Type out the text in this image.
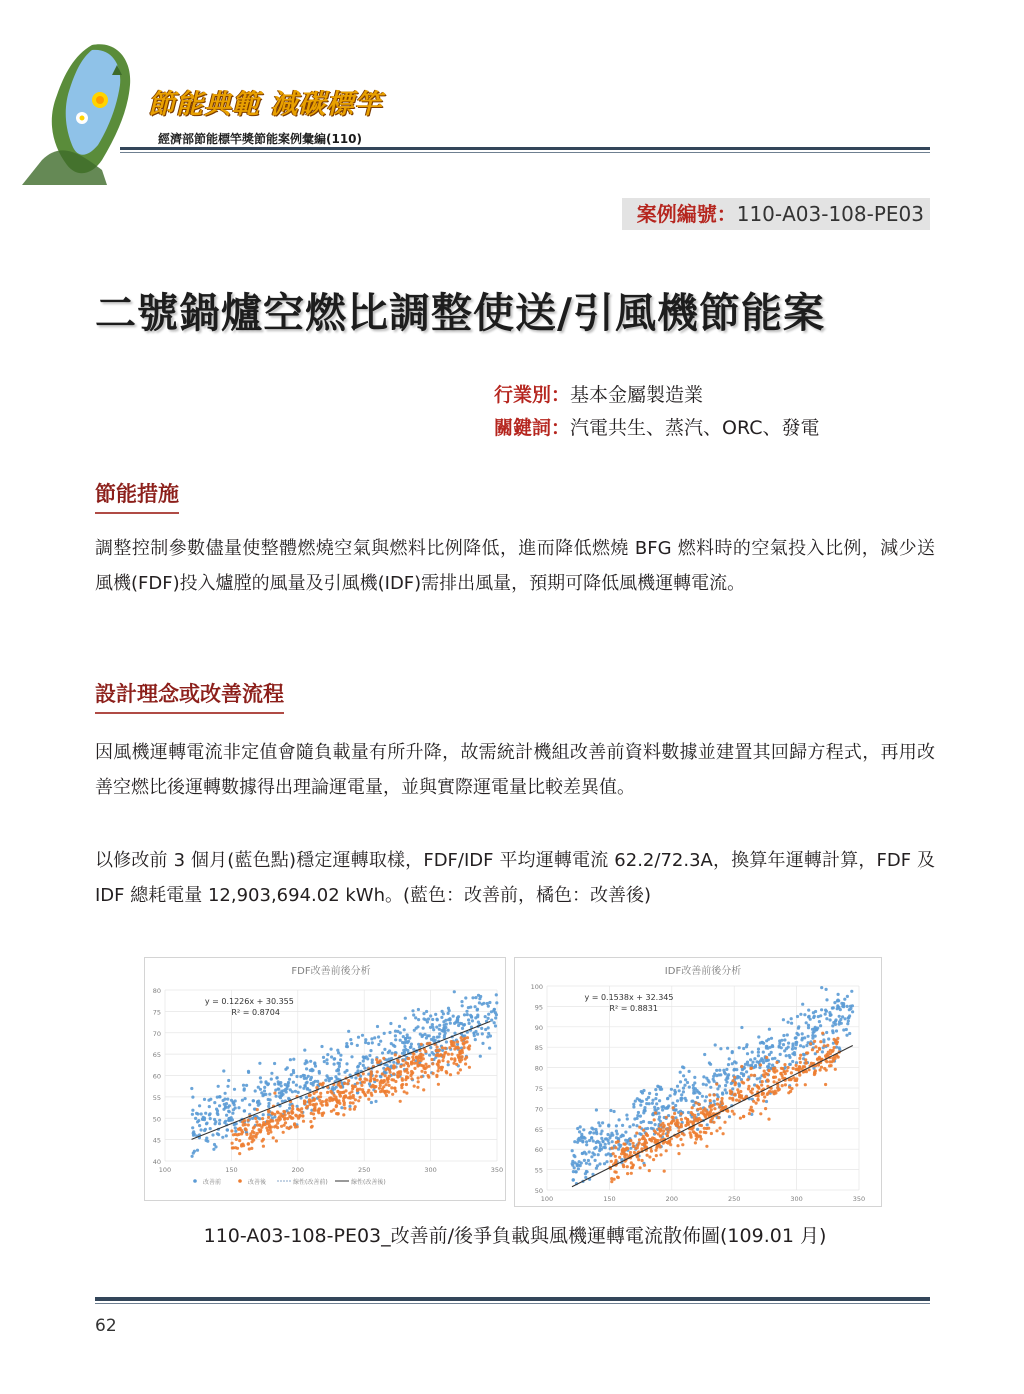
節能典範 減碳標竿
經濟部節能標竿獎節能案例彙編(110)
案例編號：110-A03-108-PE03
二號鍋爐空燃比調整使送/引風機節能案
行業別：基本金屬製造業
關鍵詞：汽電共生、蒸汽、ORC、發電
節能措施
調整控制參數儘量使整體燃燒空氣與燃料比例降低，進而降低燃燒 BFG 燃料時的空氣投入比例，減少送風機(FDF)投入爐膛的風量及引風機(IDF)需排出風量，預期可降低風機運轉電流。
設計理念或改善流程
因風機運轉電流非定值會隨負載量有所升降，故需統計機組改善前資料數據並建置其回歸方程式，再用改善空燃比後運轉數據得出理論運電量，並與實際運電量比較差異值。
以修改前 3 個月(藍色點)穩定運轉取樣，FDF/IDF 平均運轉電流 62.2/72.3A，換算年運轉計算，FDF 及 IDF 總耗電量 12,903,694.02 kWh。(藍色：改善前，橘色：改善後)
FDF改善前後分析
40
45
50
55
60
65
70
75
80
100	150	200	250	300	350
y = 0.1226x + 30.355
R² = 0.8704
改善前	改善後	線性(改善前)	線性(改善後)
IDF改善前後分析
50
55
60
65
70
75
80
85
90
95
100
100	150	200	250	300	350
y = 0.1538x + 32.345
R² = 0.8831
110-A03-108-PE03_改善前/後爭負載與風機運轉電流散佈圖(109.01 月)
62
